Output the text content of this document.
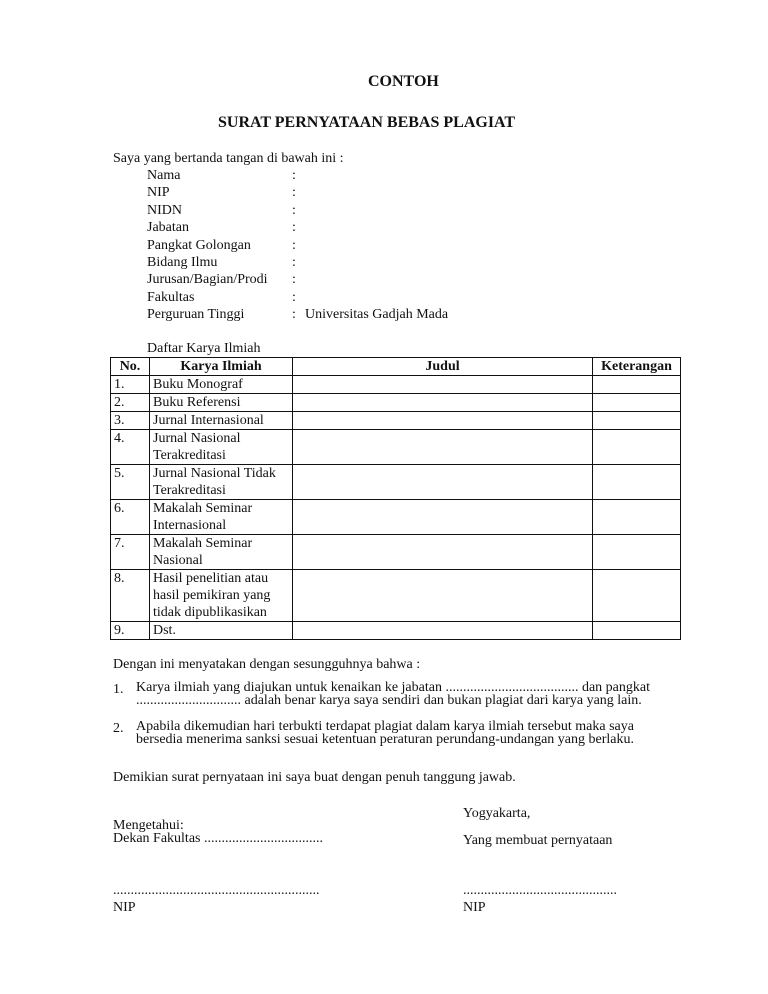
CONTOH
SURAT PERNYATAAN BEBAS PLAGIAT
Saya yang bertanda tangan di bawah ini :
Nama	:
NIP	:
NIDN	:
Jabatan	:
Pangkat Golongan	:
Bidang Ilmu	:
Jurusan/Bagian/Prodi :
Fakultas	:
Perguruan Tinggi	: Universitas Gadjah Mada
Daftar Karya Ilmiah
No.	Karya Ilmiah	Judul	Keterangan
1.	Buku Monograf		
2.	Buku Referensi		
3.	Jurnal Internasional		
4.	Jurnal Nasional Terakreditasi		
5.	Jurnal Nasional Tidak Terakreditasi		
6.	Makalah Seminar Internasional		
7.	Makalah Seminar Nasional		
8.	Hasil penelitian atau hasil pemikiran yang tidak dipublikasikan		
9.	Dst.		
Dengan ini menyatakan dengan sesungguhnya bahwa :
1. Karya ilmiah yang diajukan untuk kenaikan ke jabatan ...................................... dan pangkat .............................. adalah benar karya saya sendiri dan bukan plagiat dari karya yang lain.
2. Apabila dikemudian hari terbukti terdapat plagiat dalam karya ilmiah tersebut maka saya bersedia menerima sanksi sesuai ketentuan peraturan perundang-undangan yang berlaku.
Demikian surat pernyataan ini saya buat dengan penuh tanggung jawab.
Mengetahui:
Dekan Fakultas ..................................
...........................................................
NIP
Yogyakarta,
Yang membuat pernyataan
............................................
NIP
